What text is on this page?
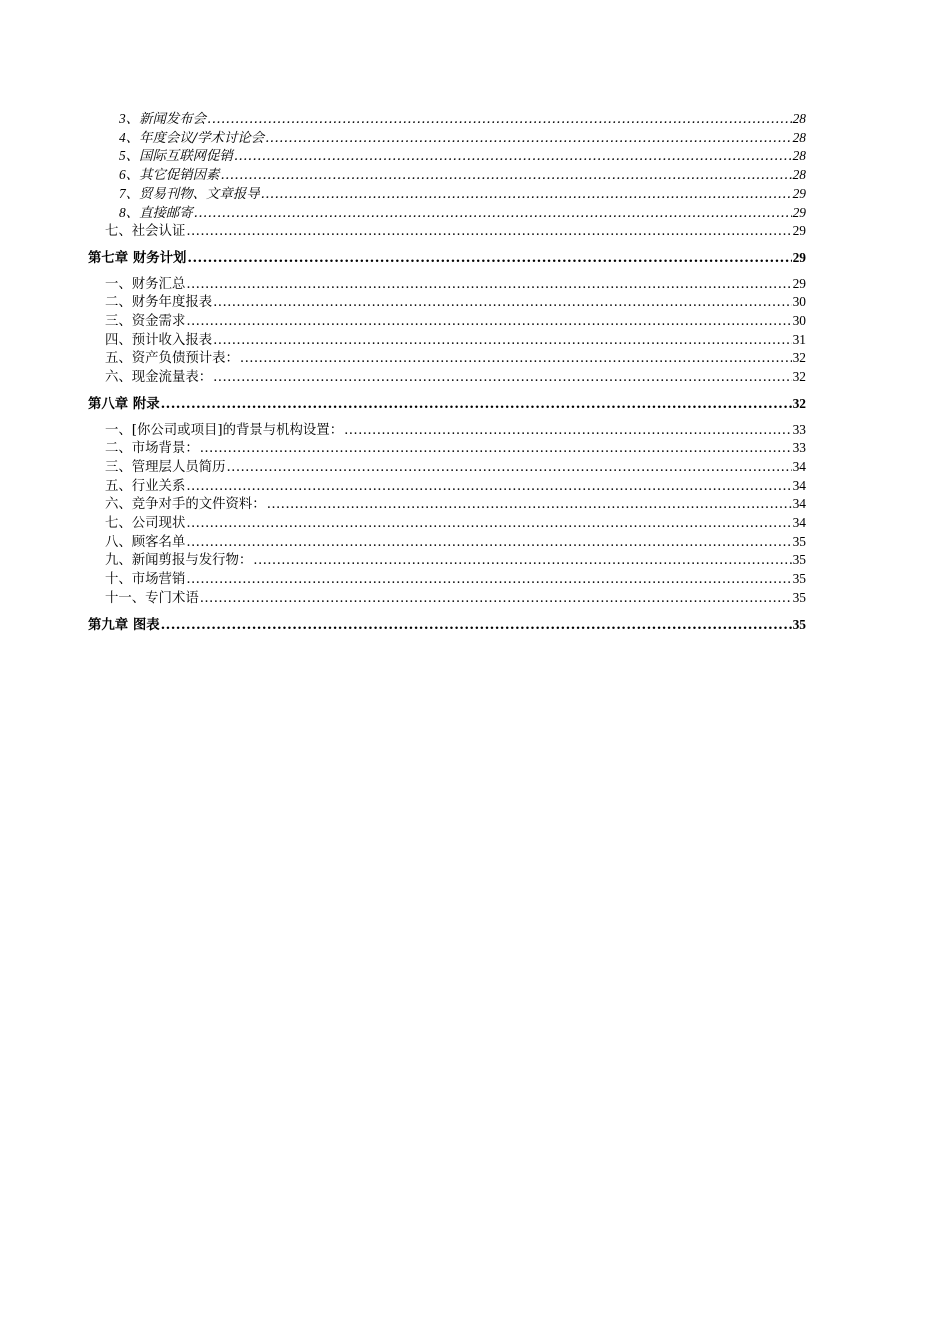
3、新闻发布会 .....	28
4、年度会议/学术讨论会 .....	28
5、国际互联网促销 .....	28
6、其它促销因素 .....	28
7、贸易刊物、文章报导 .....	29
8、直接邮寄 .....	29
七、社会认证 .....	29
第七章 财务计划 .....	29
一、财务汇总 .....	29
二、财务年度报表 .....	30
三、资金需求 .....	30
四、预计收入报表 .....	31
五、资产负债预计表： .....	32
六、现金流量表： .....	32
第八章 附录 .....	32
一、[你公司或项目]的背景与机构设置： .....	33
二、市场背景： .....	33
三、管理层人员简历 .....	34
五、行业关系 .....	34
六、竞争对手的文件资料： .....	34
七、公司现状 .....	34
八、顾客名单 .....	35
九、新闻剪报与发行物： .....	35
十、市场营销 .....	35
十一、专门术语 .....	35
第九章 图表 .....	35
